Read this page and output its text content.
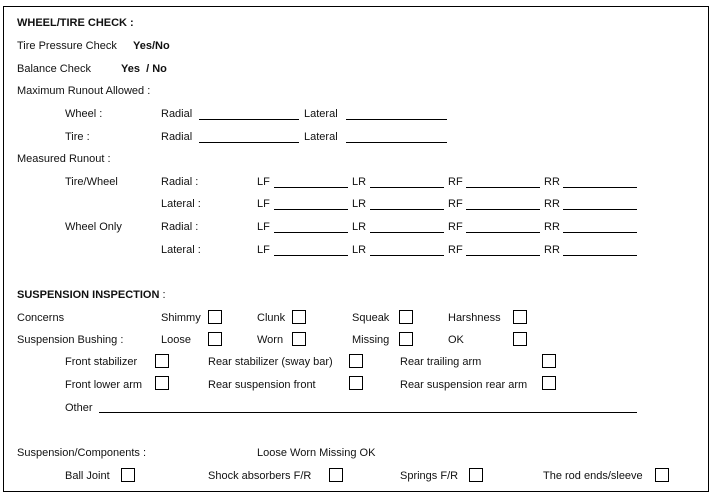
WHEEL/TIRE CHECK :
Tire Pressure Check Yes/No
Balance Check	Yes  / No
Maximum Runout Allowed :
Wheel :	Radial	Lateral
Tire :	Radial	Lateral
Measured Runout :
Tire/Wheel	Radial :	LF	LR	RF	RR
Lateral :	LF	LR	RF	RR
Wheel Only	Radial :	LF	LR	RF	RR
Lateral :	LF	LR	RF	RR
SUSPENSION INSPECTION :
Concerns	Shimmy	Clunk	Squeak	Harshness
Suspension Bushing :	Loose	Worn	Missing	OK
Front stabilizer	Rear stabilizer (sway bar)	Rear trailing arm
Front lower arm	Rear suspension front	Rear suspension rear arm
Other
Suspension/Components :	Loose Worn Missing OK
Ball Joint	Shock absorbers F/R	Springs F/R	The rod ends/sleeve
